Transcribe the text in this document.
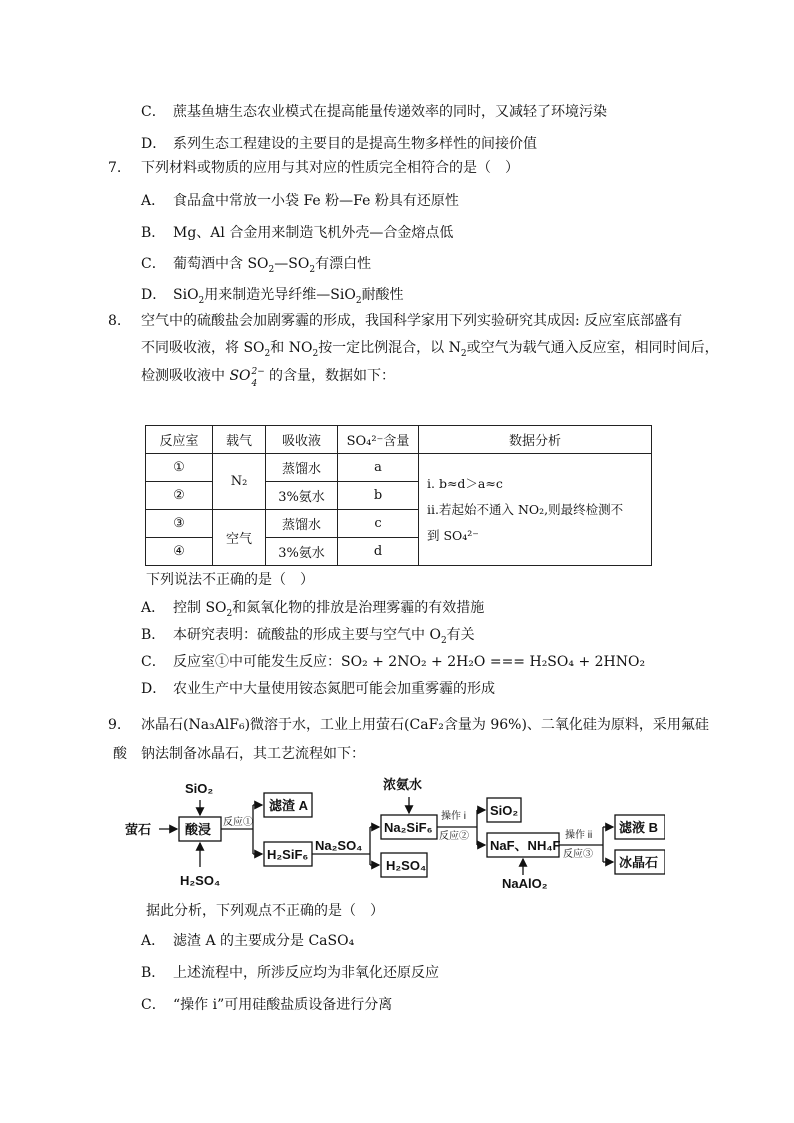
C． 蔗基鱼塘生态农业模式在提高能量传递效率的同时，又减轻了环境污染
D． 系列生态工程建设的主要目的是提高生物多样性的间接价值
7. 下列材料或物质的应用与其对应的性质完全相符合的是（　）
A． 食品盒中常放一小袋 Fe 粉—Fe 粉具有还原性
B． Mg、Al 合金用来制造飞机外壳—合金熔点低
C． 葡萄酒中含 $SO_2—SO_2$有漂白性
D． SiO$_2$用来制造光导纤维—SiO$_2$耐酸性
8. 空气中的硫酸盐会加剧雾霾的形成，我国科学家用下列实验研究其成因: 反应室底部盛有
不同吸收液，将 $SO_2$和 $NO_2$按一定比例混合，以 $N_2$或空气为载气通入反应室，相同时间后，
检测吸收液中 SO 2−
4 的含量，数据如下：
反应室	载气	吸收液	SO₄²⁻含量	数据分析
①	N₂	蒸馏水	a	ⅰ. b≈d＞a≈c
ⅱ.若起始不通入 NO₂,则最终检测不
到 SO₄²⁻

②		3%氨水	b	
③	空气	蒸馏水	c	
④		3%氨水	d	
下列说法不正确的是（　）
A． 控制 $SO_2$和氮氧化物的排放是治理雾霾的有效措施
B． 本研究表明：硫酸盐的形成主要与空气中 $O_2$有关
C． 反应室①中可能发生反应：SO₂ + 2NO₂ + 2H₂O === H₂SO₄ + 2HNO₂
D． 农业生产中大量使用铵态氮肥可能会加重雾霾的形成
9. 冰晶石(Na₃AlF₆)微溶于水，工业上用萤石(CaF₂含量为 96%)、二氧化硅为原料，采用氟硅
酸　钠法制备冰晶石，其工艺流程如下：
萤石
SiO₂
酸浸
H₂SO₄
滤渣 A
H₂SiF₆
Na₂SO₄
浓氨水
Na₂SiF₆
H₂SO₄
SiO₂
NaF、NH₄F
NaAlO₂
滤液 B
冰晶石
反应①
操作 i
反应②	操作 ii
反应③
据此分析，下列观点不正确的是（　）
A． 滤渣 A 的主要成分是 CaSO₄
B． 上述流程中，所涉反应均为非氧化还原反应
C． “操作 i”可用硅酸盐质设备进行分离
